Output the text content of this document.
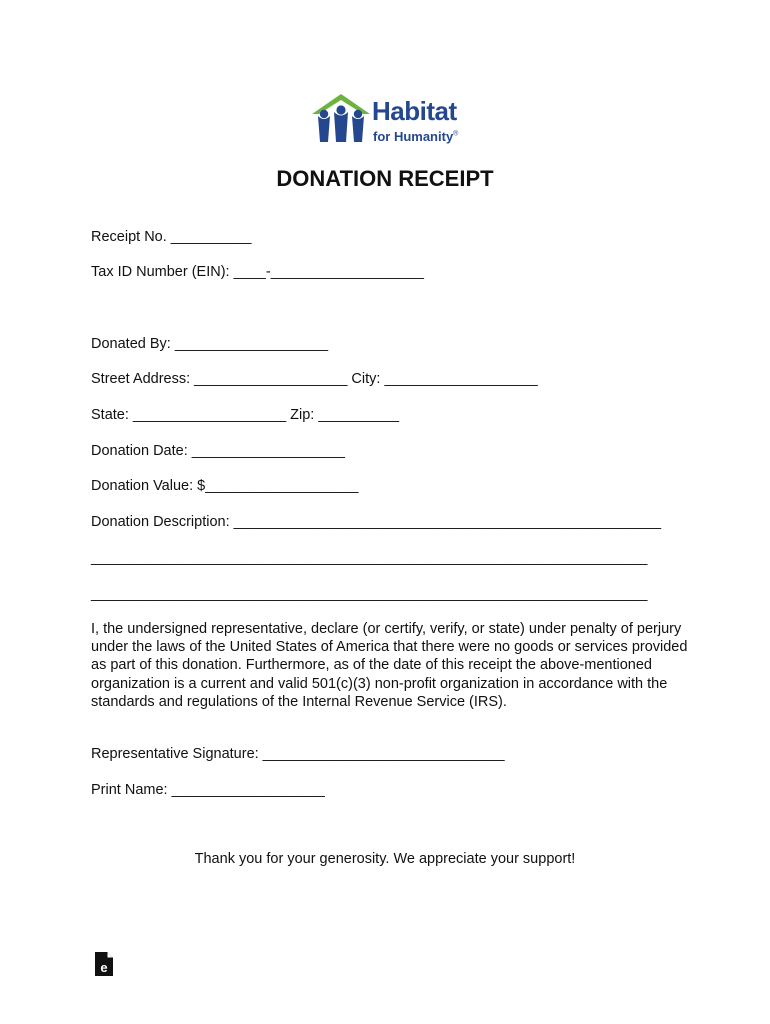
Habitat
for Humanity®
DONATION RECEIPT
Receipt No. __________
Tax ID Number (EIN): ____-___________________
Donated By: ___________________
Street Address: ___________________ City: ___________________
State: ___________________ Zip: __________
Donation Date: ___________________
Donation Value: $___________________
Donation Description: _____________________________________________________
_____________________________________________________________________
_____________________________________________________________________
I, the undersigned representative, declare (or certify, verify, or state) under penalty of perjury under the laws of the United States of America that there were no goods or services provided as part of this donation. Furthermore, as of the date of this receipt the above-mentioned organization is a current and valid 501(c)(3) non-profit organization in accordance with the standards and regulations of the Internal Revenue Service (IRS).
Representative Signature: ______________________________
Print Name: ___________________
Thank you for your generosity. We appreciate your support!
e
